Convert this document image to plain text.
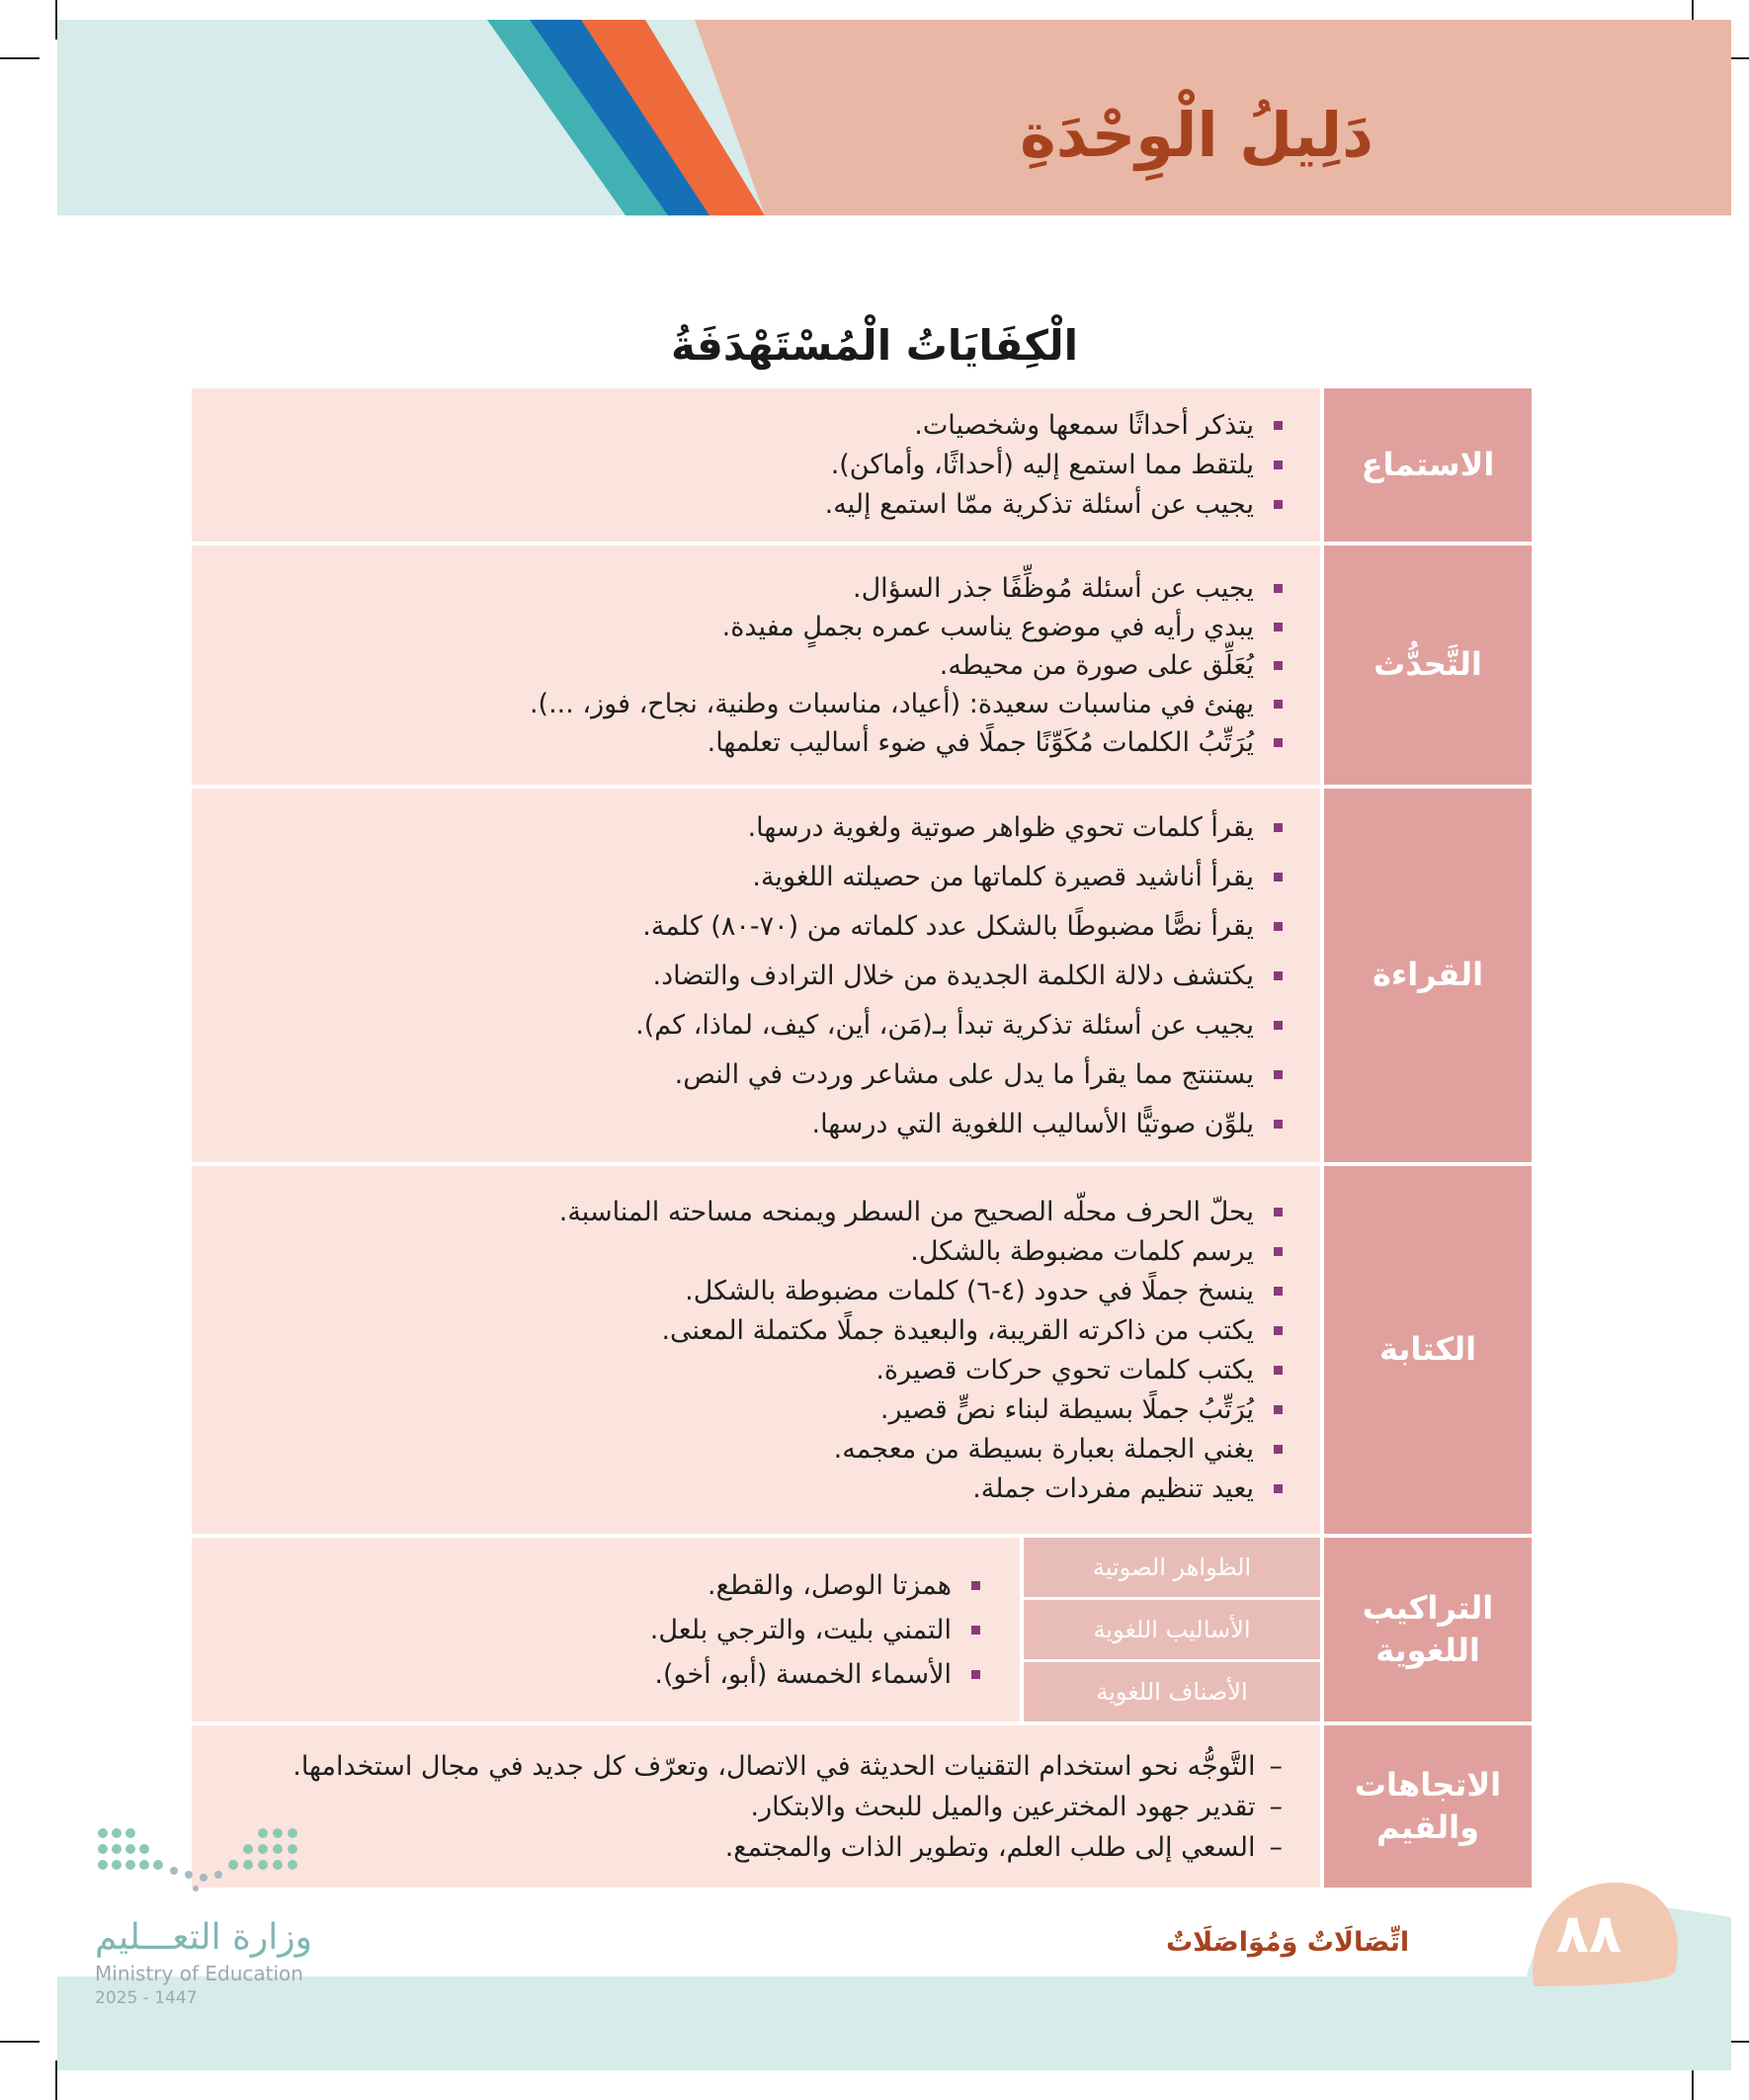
دَلِيلُ الْوِحْدَةِ
الْكِفَايَاتُ الْمُسْتَهْدَفَةُ
الاستماع
يتذكر أحداثًا سمعها وشخصيات.
يلتقط مما استمع إليه (أحداثًا، وأماكن).
يجيب عن أسئلة تذكرية ممّا استمع إليه.
التَّحدُّث
يجيب عن أسئلة مُوظِّفًا جذر السؤال.
يبدي رأيه في موضوع يناسب عمره بجملٍ مفيدة.
يُعَلِّق على صورة من محيطه.
يهنئ في مناسبات سعيدة: (أعياد، مناسبات وطنية، نجاح، فوز، ...).
يُرَتِّبُ الكلمات مُكَوِّنًا جملًا في ضوء أساليب تعلمها.
القراءة
يقرأ كلمات تحوي ظواهر صوتية ولغوية درسها.
يقرأ أناشيد قصيرة كلماتها من حصيلته اللغوية.
يقرأ نصًّا مضبوطًا بالشكل عدد كلماته من (٧٠-٨٠) كلمة.
يكتشف دلالة الكلمة الجديدة من خلال الترادف والتضاد.
يجيب عن أسئلة تذكرية تبدأ بـ(مَن، أين، كيف، لماذا، كم).
يستنتج مما يقرأ ما يدل على مشاعر وردت في النص.
يلوِّن صوتيًّا الأساليب اللغوية التي درسها.
الكتابة
يحلّ الحرف محلّه الصحيح من السطر ويمنحه مساحته المناسبة.
يرسم كلمات مضبوطة بالشكل.
ينسخ جملًا في حدود (٤-٦) كلمات مضبوطة بالشكل.
يكتب من ذاكرته القريبة، والبعيدة جملًا مكتملة المعنى.
يكتب كلمات تحوي حركات قصيرة.
يُرَتِّبُ جملًا بسيطة لبناء نصٍّ قصير.
يغني الجملة بعبارة بسيطة من معجمه.
يعيد تنظيم مفردات جملة.
التراكيب اللغوية
الظواهر الصوتية
الأساليب اللغوية
الأصناف اللغوية
همزتا الوصل، والقطع.
التمني بليت، والترجي بلعل.
الأسماء الخمسة (أبو، أخو).
الاتجاهات والقيم
–
التَّوجُّه نحو استخدام التقنيات الحديثة في الاتصال، وتعرّف كل جديد في مجال استخدامها.
–
تقدير جهود المخترعين والميل للبحث والابتكار.
–
السعي إلى طلب العلم، وتطوير الذات والمجتمع.
٨٨
اتِّصَالَاتٌ وَمُوَاصَلَاتٌ
وزارة التعـــليم
Ministry of Education
2025 - 1447
